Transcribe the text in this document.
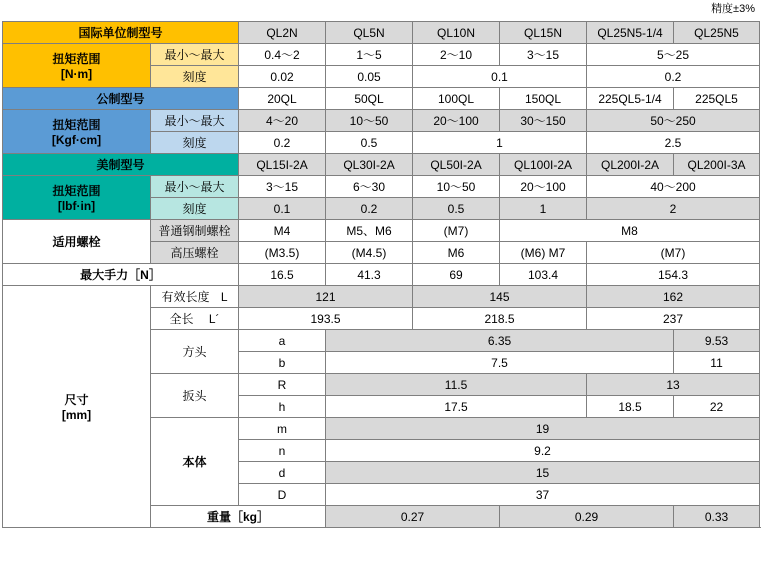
精度±3%
国际单位制型号		QL2N	QL5N	QL10N	QL15N	QL25N5-1/4	QL25N5

扭矩范围
[N·m]	最小～最大	0.4～2	1～5	2～10	3～15	5～25	
	刻度	0.02	0.05	0.1		0.2	
公制型号		20QL	50QL	100QL	150QL	225QL5-1/4	225QL5

扭矩范围
[Kgf·cm]	最小～最大	4～20	10～50	20～100	30～150	50～250	
	刻度	0.2	0.5	1		2.5	
美制型号		QL15I-2A	QL30I-2A	QL50I-2A	QL100I-2A	QL200I-2A	QL200I-3A

扭矩范围
[lbf·in]	最小～最大	3～15	6～30	10～50	20～100	40～200	
	刻度	0.1	0.2	0.5	1	2	
适用螺栓	普通钢制螺栓	M4	M5、M6	(M7)	M8		
	高压螺栓	(M3.5)	(M4.5)	M6	(M6) M7	(M7)	
最大手力［N］		16.5	41.3	69	103.4	154.3	

尺寸
[mm]	有效长度 L	121		145		162	
	全长 L´	193.5		218.5		237	
	方头	a	6.35				9.53
		b	7.5				11
	扳头	R	11.5			13	
		h	17.5			18.5	22
	本体	m	19				
		n	9.2				
		d	15				
		D	37				
	重量［kg］		0.27		0.29		0.33
